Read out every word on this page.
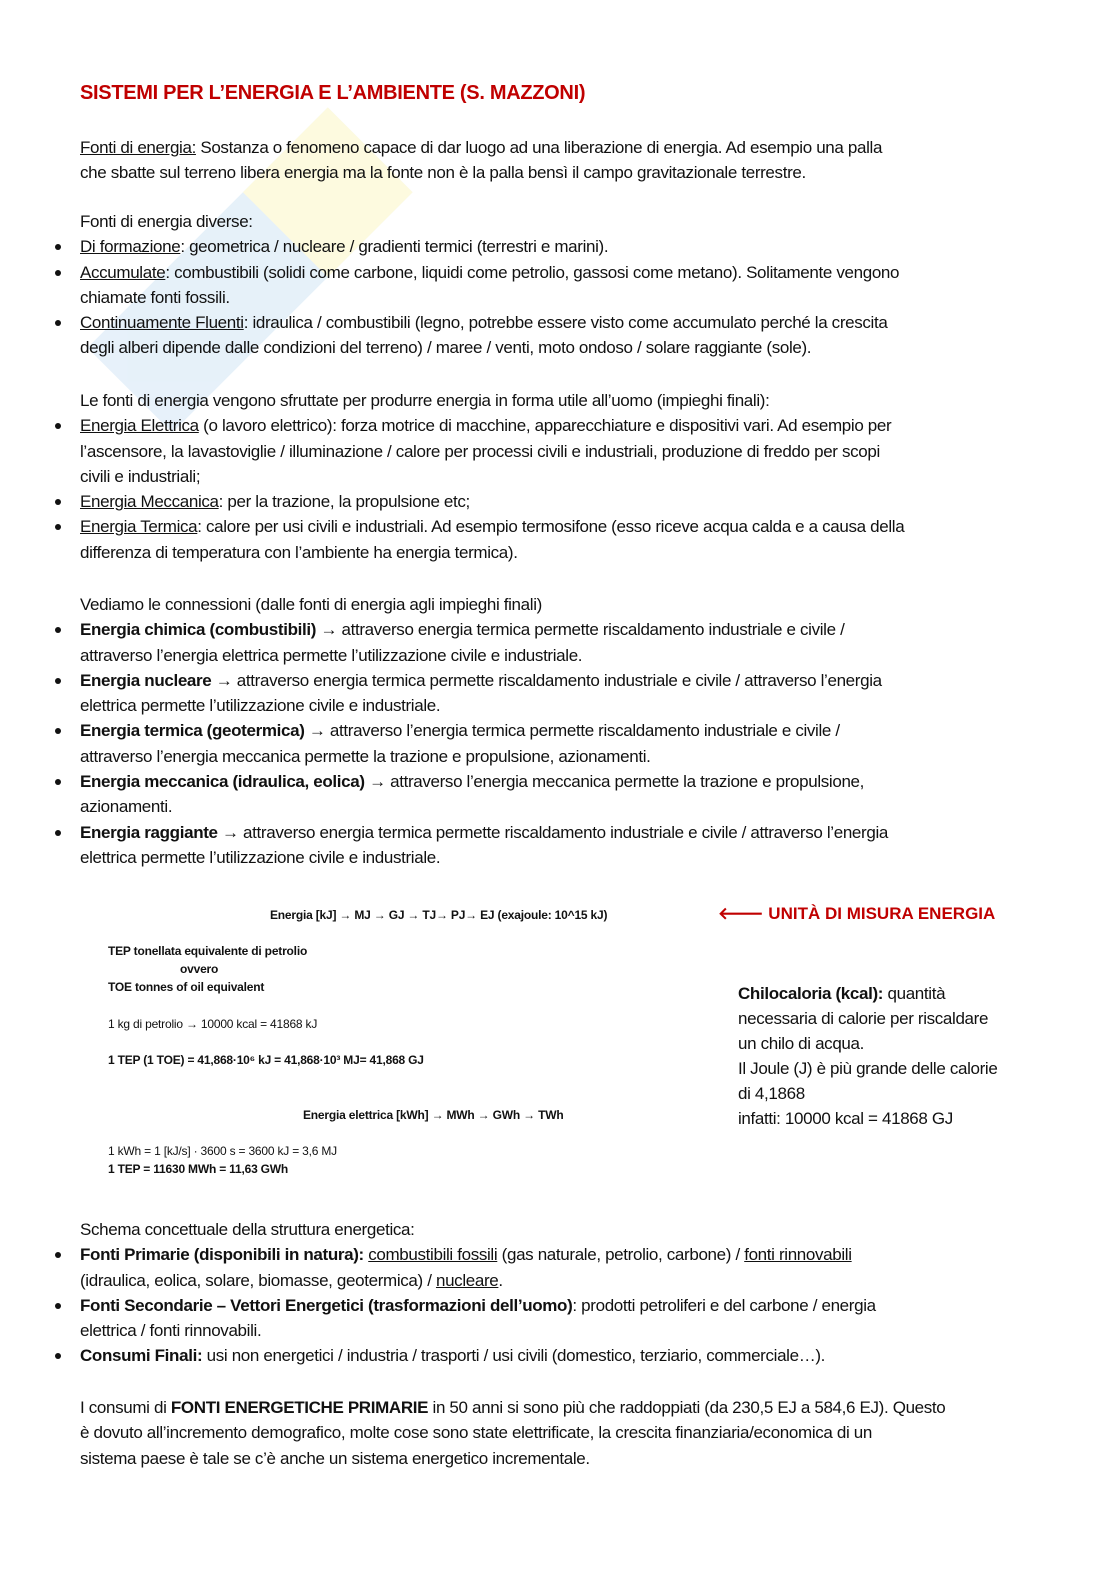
SISTEMI PER L’ENERGIA E L’AMBIENTE (S. MAZZONI)
Fonti di energia: Sostanza o fenomeno capace di dar luogo ad una liberazione di energia. Ad esempio una palla
che sbatte sul terreno libera energia ma la fonte non è la palla bensì il campo gravitazionale terrestre.
Fonti di energia diverse:
Di formazione: geometrica / nucleare / gradienti termici (terrestri e marini).
Accumulate: combustibili (solidi come carbone, liquidi come petrolio, gassosi come metano). Solitamente vengono
chiamate fonti fossili.
Continuamente Fluenti: idraulica / combustibili (legno, potrebbe essere visto come accumulato perché la crescita
degli alberi dipende dalle condizioni del terreno) / maree / venti, moto ondoso / solare raggiante (sole).
Le fonti di energia vengono sfruttate per produrre energia in forma utile all’uomo (impieghi finali):
Energia Elettrica (o lavoro elettrico): forza motrice di macchine, apparecchiature e dispositivi vari. Ad esempio per
l’ascensore, la lavastoviglie / illuminazione / calore per processi civili e industriali, produzione di freddo per scopi
civili e industriali;
Energia Meccanica: per la trazione, la propulsione etc;
Energia Termica: calore per usi civili e industriali. Ad esempio termosifone (esso riceve acqua calda e a causa della
differenza di temperatura con l’ambiente ha energia termica).
Vediamo le connessioni (dalle fonti di energia agli impieghi finali)
Energia chimica (combustibili) → attraverso energia termica permette riscaldamento industriale e civile /
attraverso l’energia elettrica permette l’utilizzazione civile e industriale.
Energia nucleare → attraverso energia termica permette riscaldamento industriale e civile / attraverso l’energia
elettrica permette l’utilizzazione civile e industriale.
Energia termica (geotermica) → attraverso l’energia termica permette riscaldamento industriale e civile /
attraverso l’energia meccanica permette la trazione e propulsione, azionamenti.
Energia meccanica (idraulica, eolica) → attraverso l’energia meccanica permette la trazione e propulsione,
azionamenti.
Energia raggiante → attraverso energia termica permette riscaldamento industriale e civile / attraverso l’energia
elettrica permette l’utilizzazione civile e industriale.
Schema concettuale della struttura energetica:
Fonti Primarie (disponibili in natura): combustibili fossili (gas naturale, petrolio, carbone) / fonti rinnovabili
(idraulica, eolica, solare, biomasse, geotermica) / nucleare.
Fonti Secondarie – Vettori Energetici (trasformazioni dell’uomo): prodotti petroliferi e del carbone / energia
elettrica / fonti rinnovabili.
Consumi Finali: usi non energetici / industria / trasporti / usi civili (domestico, terziario, commerciale…).
I consumi di FONTI ENERGETICHE PRIMARIE in 50 anni si sono più che raddoppiati (da 230,5 EJ a 584,6 EJ). Questo
è dovuto all’incremento demografico, molte cose sono state elettrificate, la crescita finanziaria/economica di un
sistema paese è tale se c’è anche un sistema energetico incrementale.
Energia [kJ] → MJ → GJ → TJ→ PJ→ EJ (exajoule: 10^15 kJ)
TEP tonellata equivalente di petrolio
ovvero
TOE tonnes of oil equivalent
1 kg di petrolio → 10000 kcal = 41868 kJ
1 TEP (1 TOE) = 41,868·10⁶ kJ = 41,868·10³ MJ= 41,868 GJ
Energia elettrica [kWh] → MWh → GWh → TWh
1 kWh = 1 [kJ/s] · 3600 s = 3600 kJ = 3,6 MJ
1 TEP = 11630 MWh = 11,63 GWh
🡐 UNITÀ DI MISURA ENERGIA
Chilocaloria (kcal): quantità
necessaria di calorie per riscaldare
un chilo di acqua.
Il Joule (J) è più grande delle calorie
di 4,1868
infatti: 10000 kcal = 41868 GJ
